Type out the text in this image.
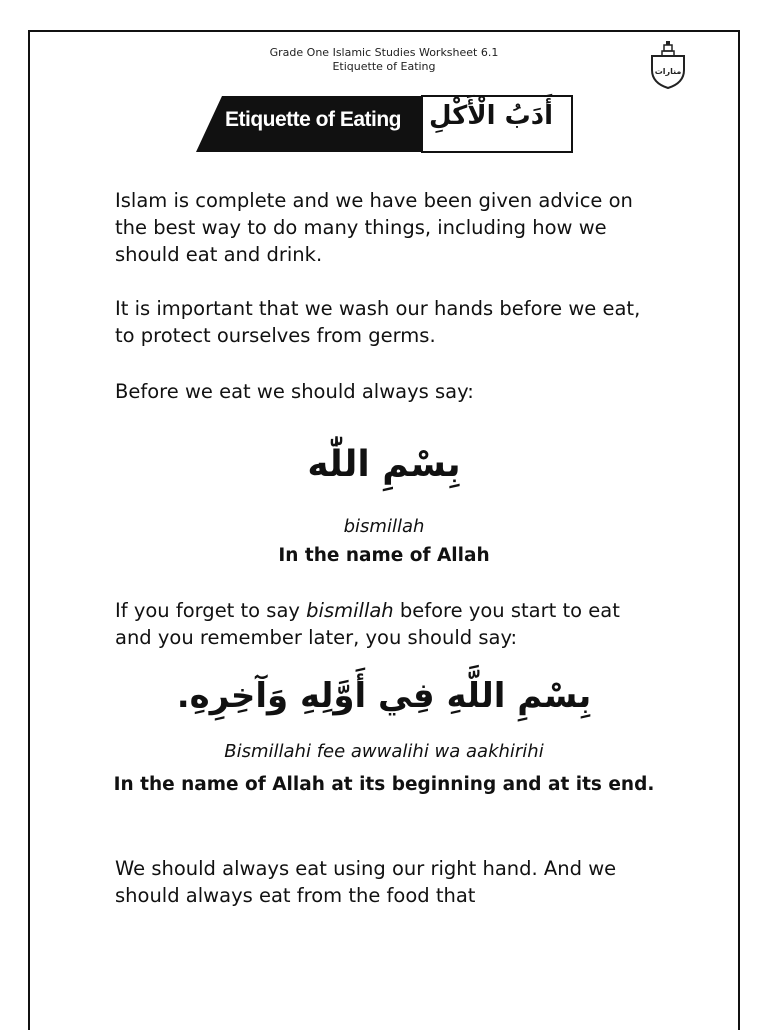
Grade One Islamic Studies Worksheet 6.1
Etiquette of Eating	منارات
Etiquette of Eating	أَدَبُ الْأَكْلِ

Islam is complete and we have been given advice on the best way to do many things, including how we should eat and drink.

It is important that we wash our hands before we eat, to protect ourselves from germs.

Before we eat we should always say:

بِسْمِ اللّٰه
bismillah
In the name of Allah

If you forget to say bismillah before you start to eat and you remember later, you should say:

بِسْمِ اللَّهِ فِي أَوَّلِهِ وَآخِرِهِ.
Bismillahi fee awwalihi wa aakhirihi
In the name of Allah at its beginning and at its end.

We should always eat using our right hand. And we should always eat from the food that
